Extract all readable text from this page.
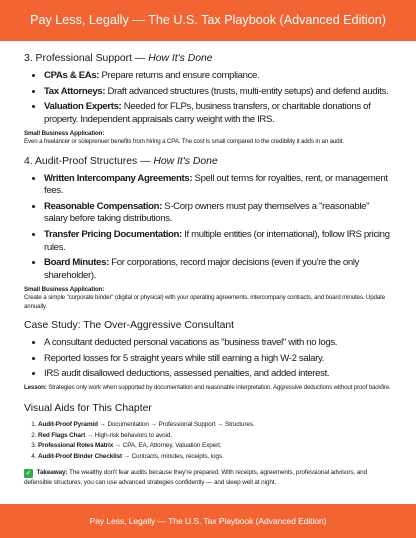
Pay Less, Legally — The U.S. Tax Playbook (Advanced Edition)
3. Professional Support — How It's Done
• CPAs & EAs: Prepare returns and ensure compliance.
• Tax Attorneys: Draft advanced structures (trusts, multi-entity setups) and defend audits.
• Valuation Experts: Needed for FLPs, business transfers, or charitable donations of property. Independent appraisals carry weight with the IRS.
Small Business Application:
Even a freelancer or soleprenuer benefits from hiring a CPA. The cost is small compared to the credibility it adds in an audit.
4. Audit-Proof Structures — How It's Done
• Written Intercompany Agreements: Spell out terms for royalties, rent, or management fees.
• Reasonable Compensation: S-Corp owners must pay themselves a "reasonable" salary before taking distributions.
• Transfer Pricing Documentation: If multiple entities (or international), follow IRS pricing rules.
• Board Minutes: For corporations, record major decisions (even if you're the only shareholder).
Small Business Application:
Create a simple "corporate binder" (digital or physical) with your operating agreements, intercompany contracts, and board minutes. Update annually.
Case Study: The Over-Aggressive Consultant
• A consultant deducted personal vacations as "business travel" with no logs.
• Reported losses for 5 straight years while still earning a high W-2 salary.
• IRS audit disallowed deductions, assessed penalties, and added interest.
Lesson: Strategies only work when supported by documentation and reasonable interpretation. Aggressive deductions without proof backfire.
Visual Aids for This Chapter
1. Audit-Proof Pyramid → Documentation → Professional Support → Structures.
2. Red Flags Chart → High-risk behaviors to avoid.
3. Professional Roles Matrix → CPA, EA, Attorney, Valuation Expert.
4. Audit-Proof Binder Checklist → Contracts, minutes, receipts, logs.
✓ Takeaway: The wealthy don't fear audits because they're prepared. With receipts, agreements, professional advisors, and defensible structures, you can use advanced strategies confidently — and sleep well at night.
Pay Less, Legally — The U.S. Tax Playbook (Advanced Edition)
